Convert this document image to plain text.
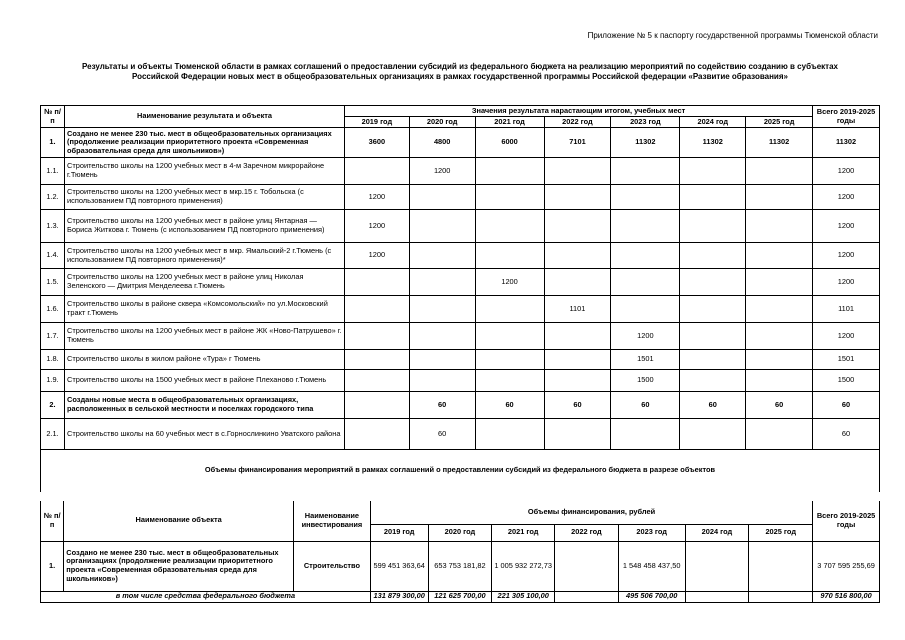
Приложение № 5 к паспорту государственной программы Тюменской области
Результаты и объекты Тюменской области в рамках соглашений о предоставлении субсидий из федерального бюджета на реализацию мероприятий по содействию созданию в субъектах
Российской Федерации новых мест в общеобразовательных организациях в рамках государственной программы Российской федерации «Развитие образования»
№ п/п	Наименование результата и объекта	Значения результата нарастающим итогом, учебных мест							Всего 2019-2025 годы
		2019 год	2020 год	2021 год	2022 год	2023 год	2024 год	2025 год	
1.	Создано не менее 230 тыс. мест в общеобразовательных организациях (продолжение реализации приоритетного проекта «Современная образовательная среда для школьников»)	3600	4800	6000	7101	11302	11302	11302	11302
1.1.	Строительство школы на 1200 учебных мест в 4-м Заречном микрорайоне г.Тюмень		1200						1200
1.2.	Строительство школы на 1200 учебных мест в мкр.15 г. Тобольска (с использованием ПД повторного применения)	1200							1200
1.3.	Строительство школы на 1200 учебных мест в районе улиц Янтарная — Бориса Житкова г. Тюмень (с использованием ПД повторного применения)	1200							1200
1.4.	Строительство школы на 1200 учебных мест в мкр. Ямальский-2 г.Тюмень (с использованием ПД повторного применения)*	1200							1200
1.5.	Строительство школы на 1200 учебных мест в районе улиц Николая Зеленского — Дмитрия Менделеева г.Тюмень			1200					1200
1.6.	Строительство школы в районе сквера «Комсомольский» по ул.Московский тракт г.Тюмень				1101				1101
1.7.	Строительство школы на 1200 учебных мест в районе ЖК «Ново-Патрушево» г. Тюмень					1200			1200
1.8.	Строительство школы в жилом районе «Тура» г Тюмень					1501			1501
1.9.	Строительство школы на 1500 учебных мест в районе Плеханово г.Тюмень					1500			1500
2.	Созданы новые места в общеобразовательных организациях, расположенных в сельской местности и поселках городского типа		60	60	60	60	60	60	60
2.1.	Строительство школы на 60 учебных мест в с.Горнослинкино Уватского района		60						60
Объемы финансирования мероприятий в рамках соглашений о предоставлении субсидий из федерального бюджета в разрезе объектов									
№ п/п	Наименование объекта	Наименование инвестирования	Объемы финансирования, рублей							Всего 2019-2025 годы
			2019 год	2020 год	2021 год	2022 год	2023 год	2024 год	2025 год	
1.	Создано не менее 230 тыс. мест в общеобразовательных организациях (продолжение реализации приоритетного проекта «Современная образовательная среда для школьников»)	Строительство	599 451 363,64	653 753 181,82	1 005 932 272,73		1 548 458 437,50			3 707 595 255,69
в том числе средства федерального бюджета			131 879 300,00	121 625 700,00	221 305 100,00		495 506 700,00			970 516 800,00
